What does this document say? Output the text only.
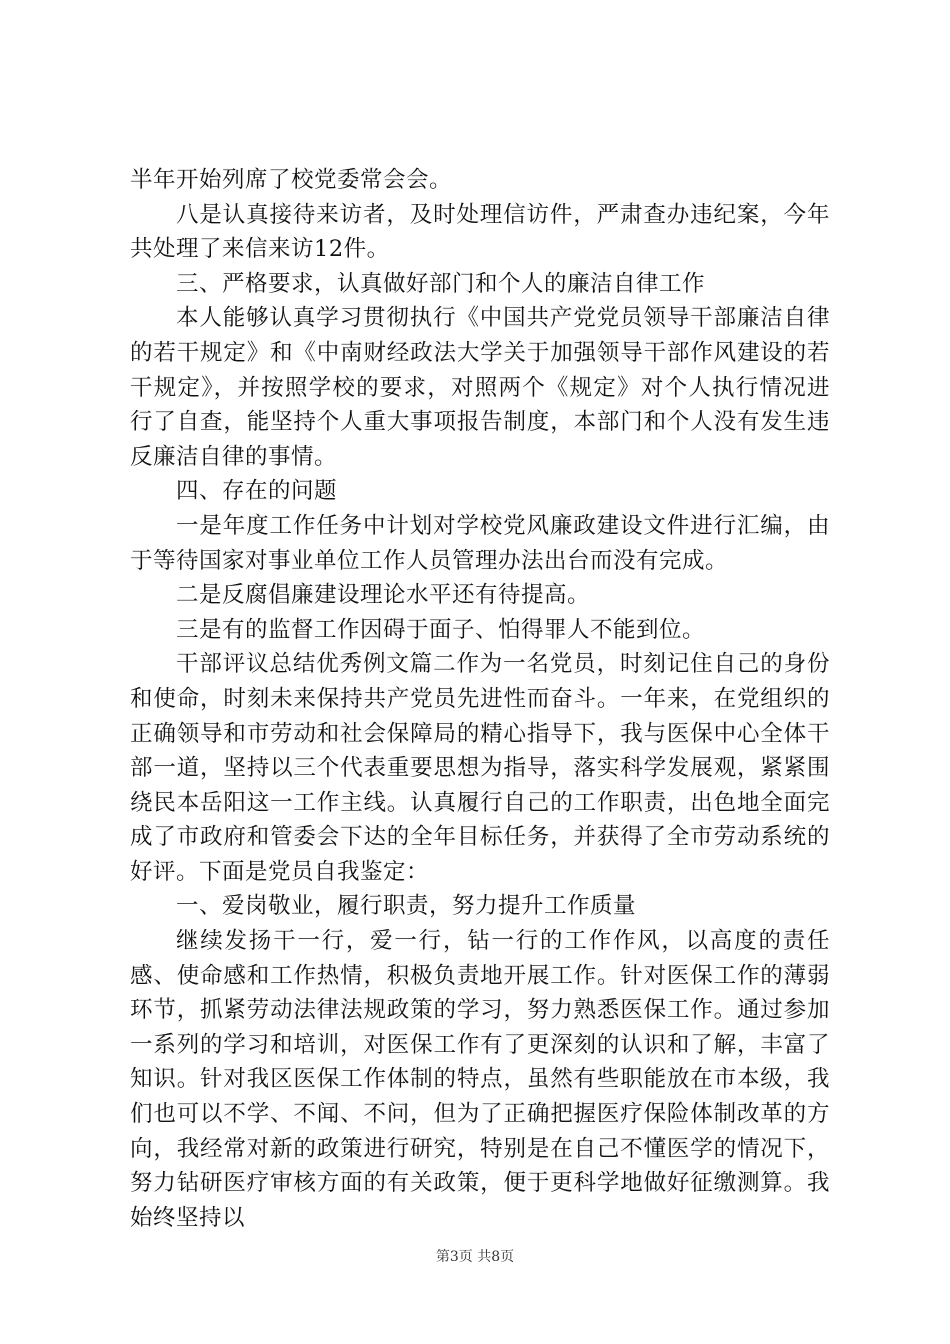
半年开始列席了校党委常会会。

八是认真接待来访者，及时处理信访件，严肃查办违纪案，今年共处理了来信来访12件。

三、严格要求，认真做好部门和个人的廉洁自律工作

本人能够认真学习贯彻执行《中国共产党党员领导干部廉洁自律的若干规定》和《中南财经政法大学关于加强领导干部作风建设的若干规定》，并按照学校的要求，对照两个《规定》对个人执行情况进行了自查，能坚持个人重大事项报告制度，本部门和个人没有发生违反廉洁自律的事情。

四、存在的问题

一是年度工作任务中计划对学校党风廉政建设文件进行汇编，由于等待国家对事业单位工作人员管理办法出台而没有完成。

二是反腐倡廉建设理论水平还有待提高。

三是有的监督工作因碍于面子、怕得罪人不能到位。

干部评议总结优秀例文篇二作为一名党员，时刻记住自己的身份和使命，时刻未来保持共产党员先进性而奋斗。一年来，在党组织的正确领导和市劳动和社会保障局的精心指导下，我与医保中心全体干部一道，坚持以三个代表重要思想为指导，落实科学发展观，紧紧围绕民本岳阳这一工作主线。认真履行自己的工作职责，出色地全面完成了市政府和管委会下达的全年目标任务，并获得了全市劳动系统的好评。下面是党员自我鉴定：

一、爱岗敬业，履行职责，努力提升工作质量

继续发扬干一行，爱一行，钻一行的工作作风，以高度的责任感、使命感和工作热情，积极负责地开展工作。针对医保工作的薄弱环节，抓紧劳动法律法规政策的学习，努力熟悉医保工作。通过参加一系列的学习和培训，对医保工作有了更深刻的认识和了解，丰富了知识。针对我区医保工作体制的特点，虽然有些职能放在市本级，我们也可以不学、不闻、不问，但为了正确把握医疗保险体制改革的方向，我经常对新的政策进行研究，特别是在自己不懂医学的情况下，努力钻研医疗审核方面的有关政策，便于更科学地做好征缴测算。我始终坚持以

第3页 共8页
